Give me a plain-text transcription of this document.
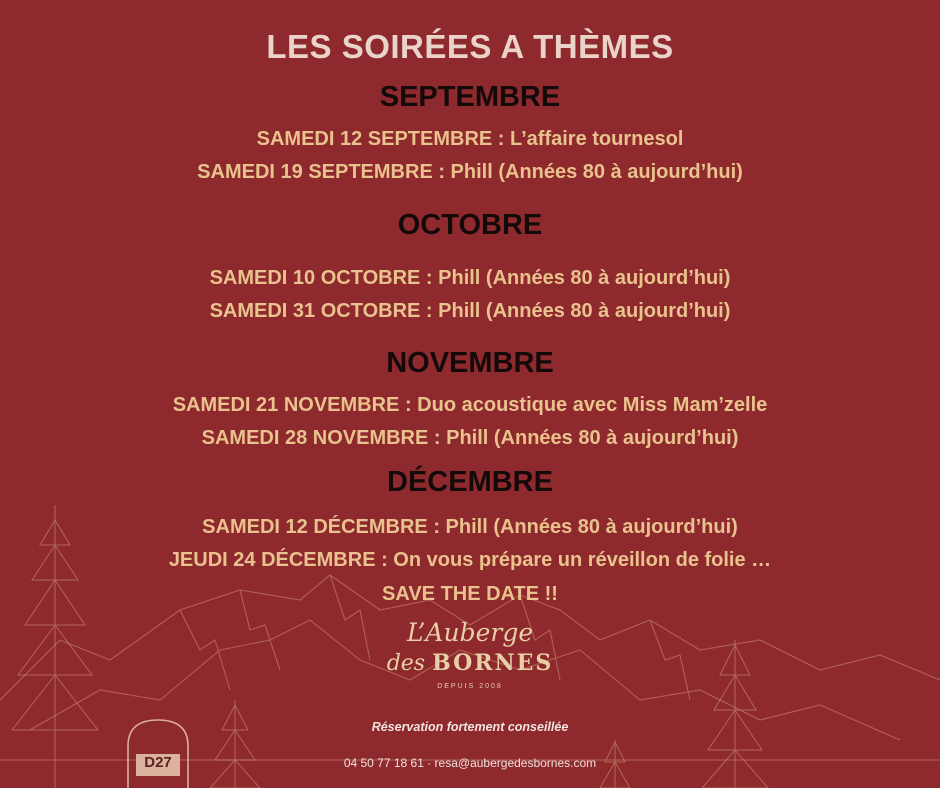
D27
LES SOIRÉES A THÈMES
SEPTEMBRE
SAMEDI 12 SEPTEMBRE : L’affaire tournesol
SAMEDI 19 SEPTEMBRE : Phill (Années 80 à aujourd’hui)
OCTOBRE
SAMEDI 10 OCTOBRE : Phill (Années 80 à aujourd’hui)
SAMEDI 31 OCTOBRE : Phill (Années 80 à aujourd’hui)
NOVEMBRE
SAMEDI 21 NOVEMBRE : Duo acoustique avec Miss Mam’zelle
SAMEDI 28 NOVEMBRE : Phill (Années 80 à aujourd’hui)
DÉCEMBRE
SAMEDI 12 DÉCEMBRE : Phill (Années 80 à aujourd’hui)
JEUDI 24 DÉCEMBRE : On vous prépare un réveillon de folie …
SAVE THE DATE !!
L’Auberge
des BORNES
DEPUIS 2008
Réservation fortement conseillée
04 50 77 18 61 · resa@aubergedesbornes.com
